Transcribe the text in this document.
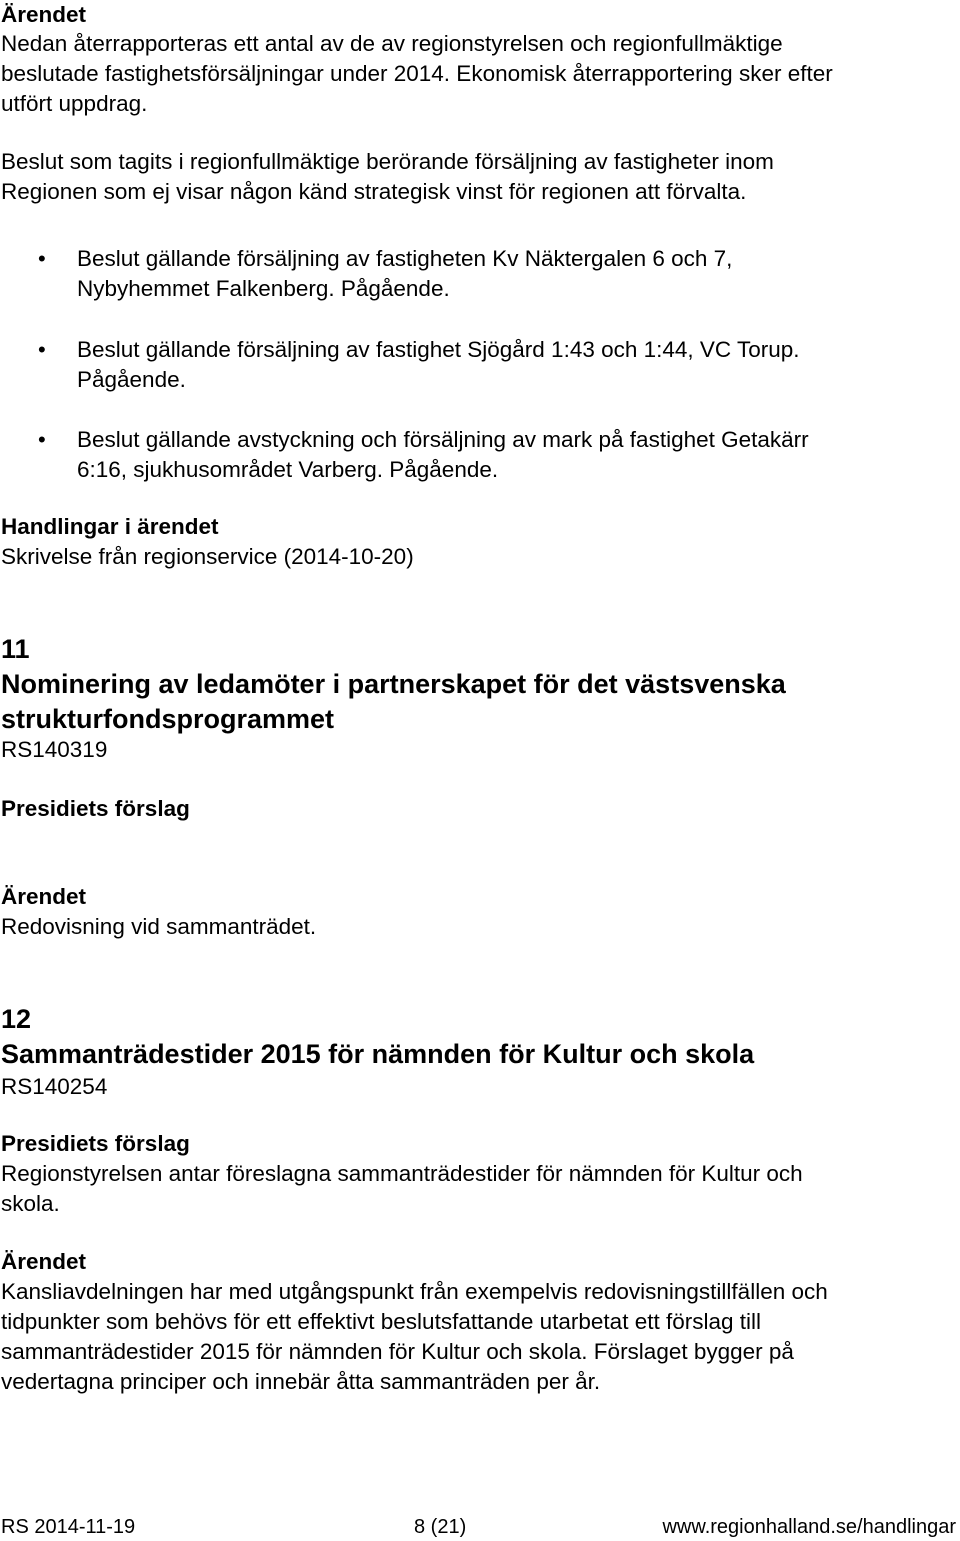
Ärendet
Nedan återrapporteras ett antal av de av regionstyrelsen och regionfullmäktige
beslutade fastighetsförsäljningar under 2014. Ekonomisk återrapportering sker efter
utfört uppdrag.
Beslut som tagits i regionfullmäktige berörande försäljning av fastigheter inom
Regionen som ej visar någon känd strategisk vinst för regionen att förvalta.
• Beslut gällande försäljning av fastigheten Kv Näktergalen 6 och 7,
Nybyhemmet Falkenberg. Pågående.
• Beslut gällande försäljning av fastighet Sjögård 1:43 och 1:44, VC Torup.
Pågående.
• Beslut gällande avstyckning och försäljning av mark på fastighet Getakärr
6:16, sjukhusområdet Varberg. Pågående.
Handlingar i ärendet
Skrivelse från regionservice (2014-10-20)
11
Nominering av ledamöter i partnerskapet för det västsvenska
strukturfondsprogrammet
RS140319
Presidiets förslag
Ärendet
Redovisning vid sammanträdet.
12
Sammanträdestider 2015 för nämnden för Kultur och skola
RS140254
Presidiets förslag
Regionstyrelsen antar föreslagna sammanträdestider för nämnden för Kultur och
skola.
Ärendet
Kansliavdelningen har med utgångspunkt från exempelvis redovisningstillfällen och
tidpunkter som behövs för ett effektivt beslutsfattande utarbetat ett förslag till
sammanträdestider 2015 för nämnden för Kultur och skola. Förslaget bygger på
vedertagna principer och innebär åtta sammanträden per år.
RS 2014-11-19	8 (21)	www.regionhalland.se/handlingar
